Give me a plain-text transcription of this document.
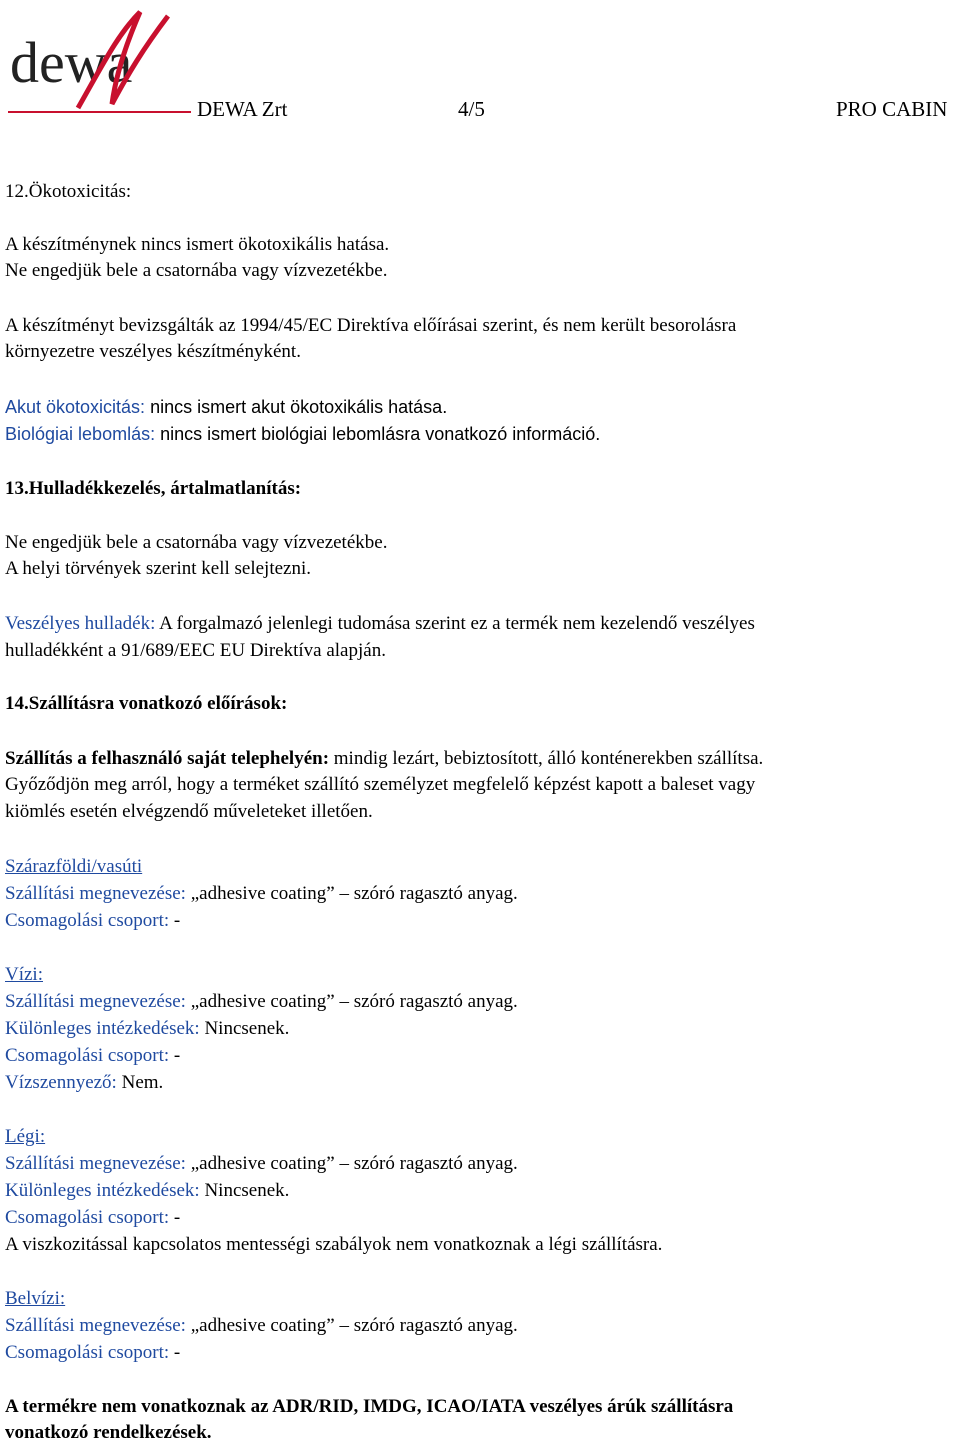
dewa
DEWA Zrt	4/5	PRO CABIN
12.Ökotoxicitás:
A készítménynek nincs ismert ökotoxikális hatása.
Ne engedjük bele a csatornába vagy vízvezetékbe.
A készítményt bevizsgálták az 1994/45/EC Direktíva előírásai szerint, és nem került besorolásra
környezetre veszélyes készítményként.
Akut ökotoxicitás: nincs ismert akut ökotoxikális hatása.
Biológiai lebomlás: nincs ismert biológiai lebomlásra vonatkozó információ.
13.Hulladékkezelés, ártalmatlanítás:
Ne engedjük bele a csatornába vagy vízvezetékbe.
A helyi törvények szerint kell selejtezni.
Veszélyes hulladék: A forgalmazó jelenlegi tudomása szerint ez a termék nem kezelendő veszélyes
hulladékként a 91/689/EEC EU Direktíva alapján.
14.Szállításra vonatkozó előírások:
Szállítás a felhasználó saját telephelyén: mindig lezárt, bebiztosított, álló konténerekben szállítsa.
Győződjön meg arról, hogy a terméket szállító személyzet megfelelő képzést kapott a baleset vagy
kiömlés esetén elvégzendő műveleteket illetően.
Szárazföldi/vasúti
Szállítási megnevezése: „adhesive coating” – szóró ragasztó anyag.
Csomagolási csoport: -
Vízi:
Szállítási megnevezése: „adhesive coating” – szóró ragasztó anyag.
Különleges intézkedések: Nincsenek.
Csomagolási csoport: -
Vízszennyező: Nem.
Légi:
Szállítási megnevezése: „adhesive coating” – szóró ragasztó anyag.
Különleges intézkedések: Nincsenek.
Csomagolási csoport: -
A viszkozitással kapcsolatos mentességi szabályok nem vonatkoznak a légi szállításra.
Belvízi:
Szállítási megnevezése: „adhesive coating” – szóró ragasztó anyag.
Csomagolási csoport: -
A termékre nem vonatkoznak az ADR/RID, IMDG, ICAO/IATA veszélyes árúk szállításra
vonatkozó rendelkezések.
